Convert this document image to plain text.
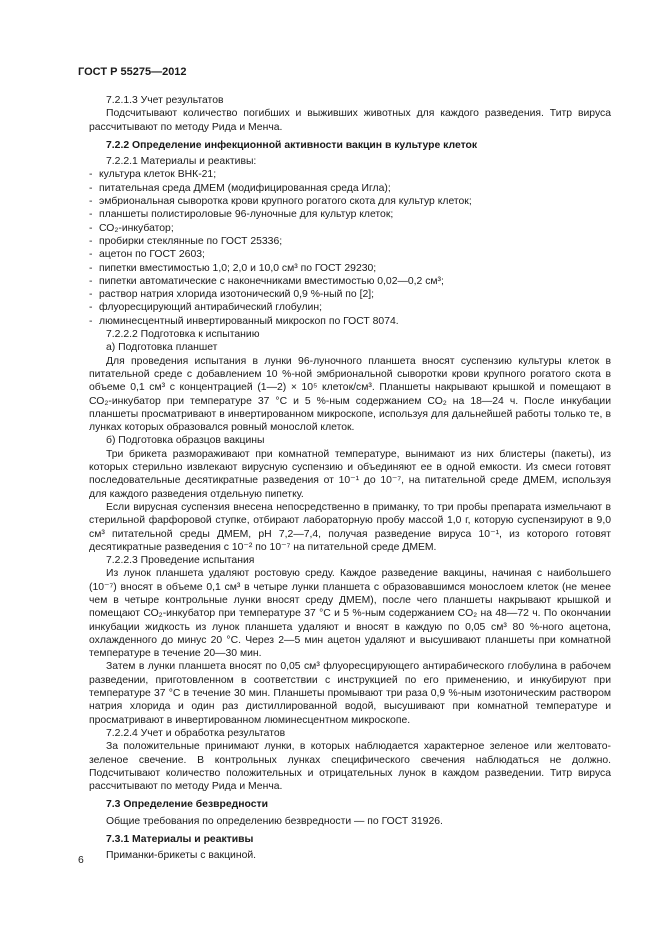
ГОСТ Р 55275—2012

7.2.1.3 Учет результатов

Подсчитывают количество погибших и выживших животных для каждого разведения. Титр вируса рассчитывают по методу Рида и Менча.

7.2.2 Определение инфекционной активности вакцин в культуре клеток

7.2.2.1 Материалы и реактивы:

- культура клеток ВНК-21;

- питательная среда ДМЕМ (модифицированная среда Игла);

- эмбриональная сыворотка крови крупного рогатого скота для культур клеток;

- планшеты полистироловые 96-луночные для культур клеток;

- СО₂-инкубатор;

- пробирки стеклянные по ГОСТ 25336;

- ацетон по ГОСТ 2603;

- пипетки вместимостью 1,0; 2,0 и 10,0 см³ по ГОСТ 29230;

- пипетки автоматические с наконечниками вместимостью 0,02—0,2 см³;

- раствор натрия хлорида изотонический 0,9 %-ный по [2];

- флуоресцирующий антирабический глобулин;

- люминесцентный инвертированный микроскоп по ГОСТ 8074.

7.2.2.2 Подготовка к испытанию

а) Подготовка планшет

Для проведения испытания в лунки 96-луночного планшета вносят суспензию культуры клеток в питательной среде с добавлением 10 %-ной эмбриональной сыворотки крови крупного рогатого скота в объеме 0,1 см³ с концентрацией (1—2) × 10⁵ клеток/см³. Планшеты накрывают крышкой и помещают в СО₂-инкубатор при температуре 37 °С и 5 %-ным содержанием СО₂ на 18—24 ч. После инкубации планшеты просматривают в инвертированном микроскопе, используя для дальнейшей работы только те, в лунках которых образовался ровный монослой клеток.

б) Подготовка образцов вакцины

Три брикета размораживают при комнатной температуре, вынимают из них блистеры (пакеты), из которых стерильно извлекают вирусную суспензию и объединяют ее в одной емкости. Из смеси готовят последовательные десятикратные разведения от 10⁻¹ до 10⁻⁷, на питательной среде ДМЕМ, используя для каждого разведения отдельную пипетку.

Если вирусная суспензия внесена непосредственно в приманку, то три пробы препарата измельчают в стерильной фарфоровой ступке, отбирают лабораторную пробу массой 1,0 г, которую суспензируют в 9,0 см³ питательной среды ДМЕМ, pH 7,2—7,4, получая разведение вируса 10⁻¹, из которого готовят десятикратные разведения с 10⁻² по 10⁻⁷ на питательной среде ДМЕМ.

7.2.2.3 Проведение испытания

Из лунок планшета удаляют ростовую среду. Каждое разведение вакцины, начиная с наибольшего (10⁻⁷) вносят в объеме 0,1 см³ в четыре лунки планшета с образовавшимся монослоем клеток (не менее чем в четыре контрольные лунки вносят среду ДМЕМ), после чего планшеты накрывают крышкой и помещают СО₂-инкубатор при температуре 37 °С и 5 %-ным содержанием СО₂ на 48—72 ч. По окончании инкубации жидкость из лунок планшета удаляют и вносят в каждую по 0,05 см³ 80 %-ного ацетона, охлажденного до минус 20 °С. Через 2—5 мин ацетон удаляют и высушивают планшеты при комнатной температуре в течение 20—30 мин.

Затем в лунки планшета вносят по 0,05 см³ флуоресцирующего антирабического глобулина в рабочем разведении, приготовленном в соответствии с инструкцией по его применению, и инкубируют при температуре 37 °С в течение 30 мин. Планшеты промывают три раза 0,9 %-ным изотоническим раствором натрия хлорида и один раз дистиллированной водой, высушивают при комнатной температуре и просматривают в инвертированном люминесцентном микроскопе.

7.2.2.4 Учет и обработка результатов

За положительные принимают лунки, в которых наблюдается характерное зеленое или желтовато-зеленое свечение. В контрольных лунках специфического свечения наблюдаться не должно. Подсчитывают количество положительных и отрицательных лунок в каждом разведении. Титр вируса рассчитывают по методу Рида и Менча.

7.3 Определение безвредности

Общие требования по определению безвредности — по ГОСТ 31926.

7.3.1 Материалы и реактивы

Приманки-брикеты с вакциной.

6
